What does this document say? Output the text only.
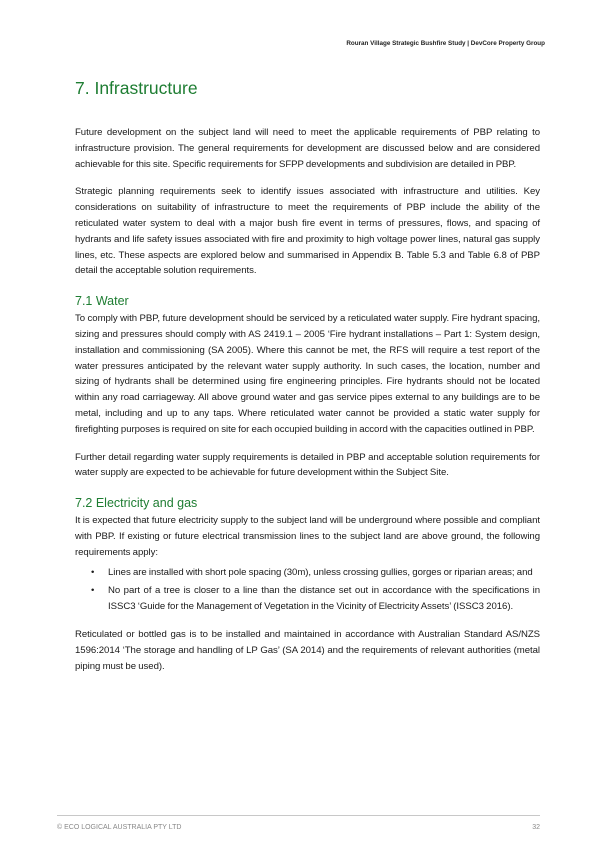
Rouran Village Strategic Bushfire Study | DevCore Property Group
7. Infrastructure

Future development on the subject land will need to meet the applicable requirements of PBP relating to infrastructure provision. The general requirements for development are discussed below and are considered achievable for this site. Specific requirements for SFPP developments and subdivision are detailed in PBP.

Strategic planning requirements seek to identify issues associated with infrastructure and utilities. Key considerations on suitability of infrastructure to meet the requirements of PBP include the ability of the reticulated water system to deal with a major bush fire event in terms of pressures, flows, and spacing of hydrants and life safety issues associated with fire and proximity to high voltage power lines, natural gas supply lines, etc. These aspects are explored below and summarised in Appendix B. Table 5.3 and Table 6.8 of PBP detail the acceptable solution requirements.

7.1 Water

To comply with PBP, future development should be serviced by a reticulated water supply. Fire hydrant spacing, sizing and pressures should comply with AS 2419.1 – 2005 ‘Fire hydrant installations – Part 1: System design, installation and commissioning (SA 2005). Where this cannot be met, the RFS will require a test report of the water pressures anticipated by the relevant water supply authority. In such cases, the location, number and sizing of hydrants shall be determined using fire engineering principles. Fire hydrants should not be located within any road carriageway. All above ground water and gas service pipes external to any buildings are to be metal, including and up to any taps. Where reticulated water cannot be provided a static water supply for firefighting purposes is required on site for each occupied building in accord with the capacities outlined in PBP.

Further detail regarding water supply requirements is detailed in PBP and acceptable solution requirements for water supply are expected to be achievable for future development within the Subject Site.

7.2 Electricity and gas

It is expected that future electricity supply to the subject land will be underground where possible and compliant with PBP. If existing or future electrical transmission lines to the subject land are above ground, the following requirements apply:

• Lines are installed with short pole spacing (30m), unless crossing gullies, gorges or riparian areas; and
• No part of a tree is closer to a line than the distance set out in accordance with the specifications in ISSC3 ‘Guide for the Management of Vegetation in the Vicinity of Electricity Assets’ (ISSC3 2016).

Reticulated or bottled gas is to be installed and maintained in accordance with Australian Standard AS/NZS 1596:2014 ‘The storage and handling of LP Gas’ (SA 2014) and the requirements of relevant authorities (metal piping must be used).

© ECO LOGICAL AUSTRALIA PTY LTD	32
